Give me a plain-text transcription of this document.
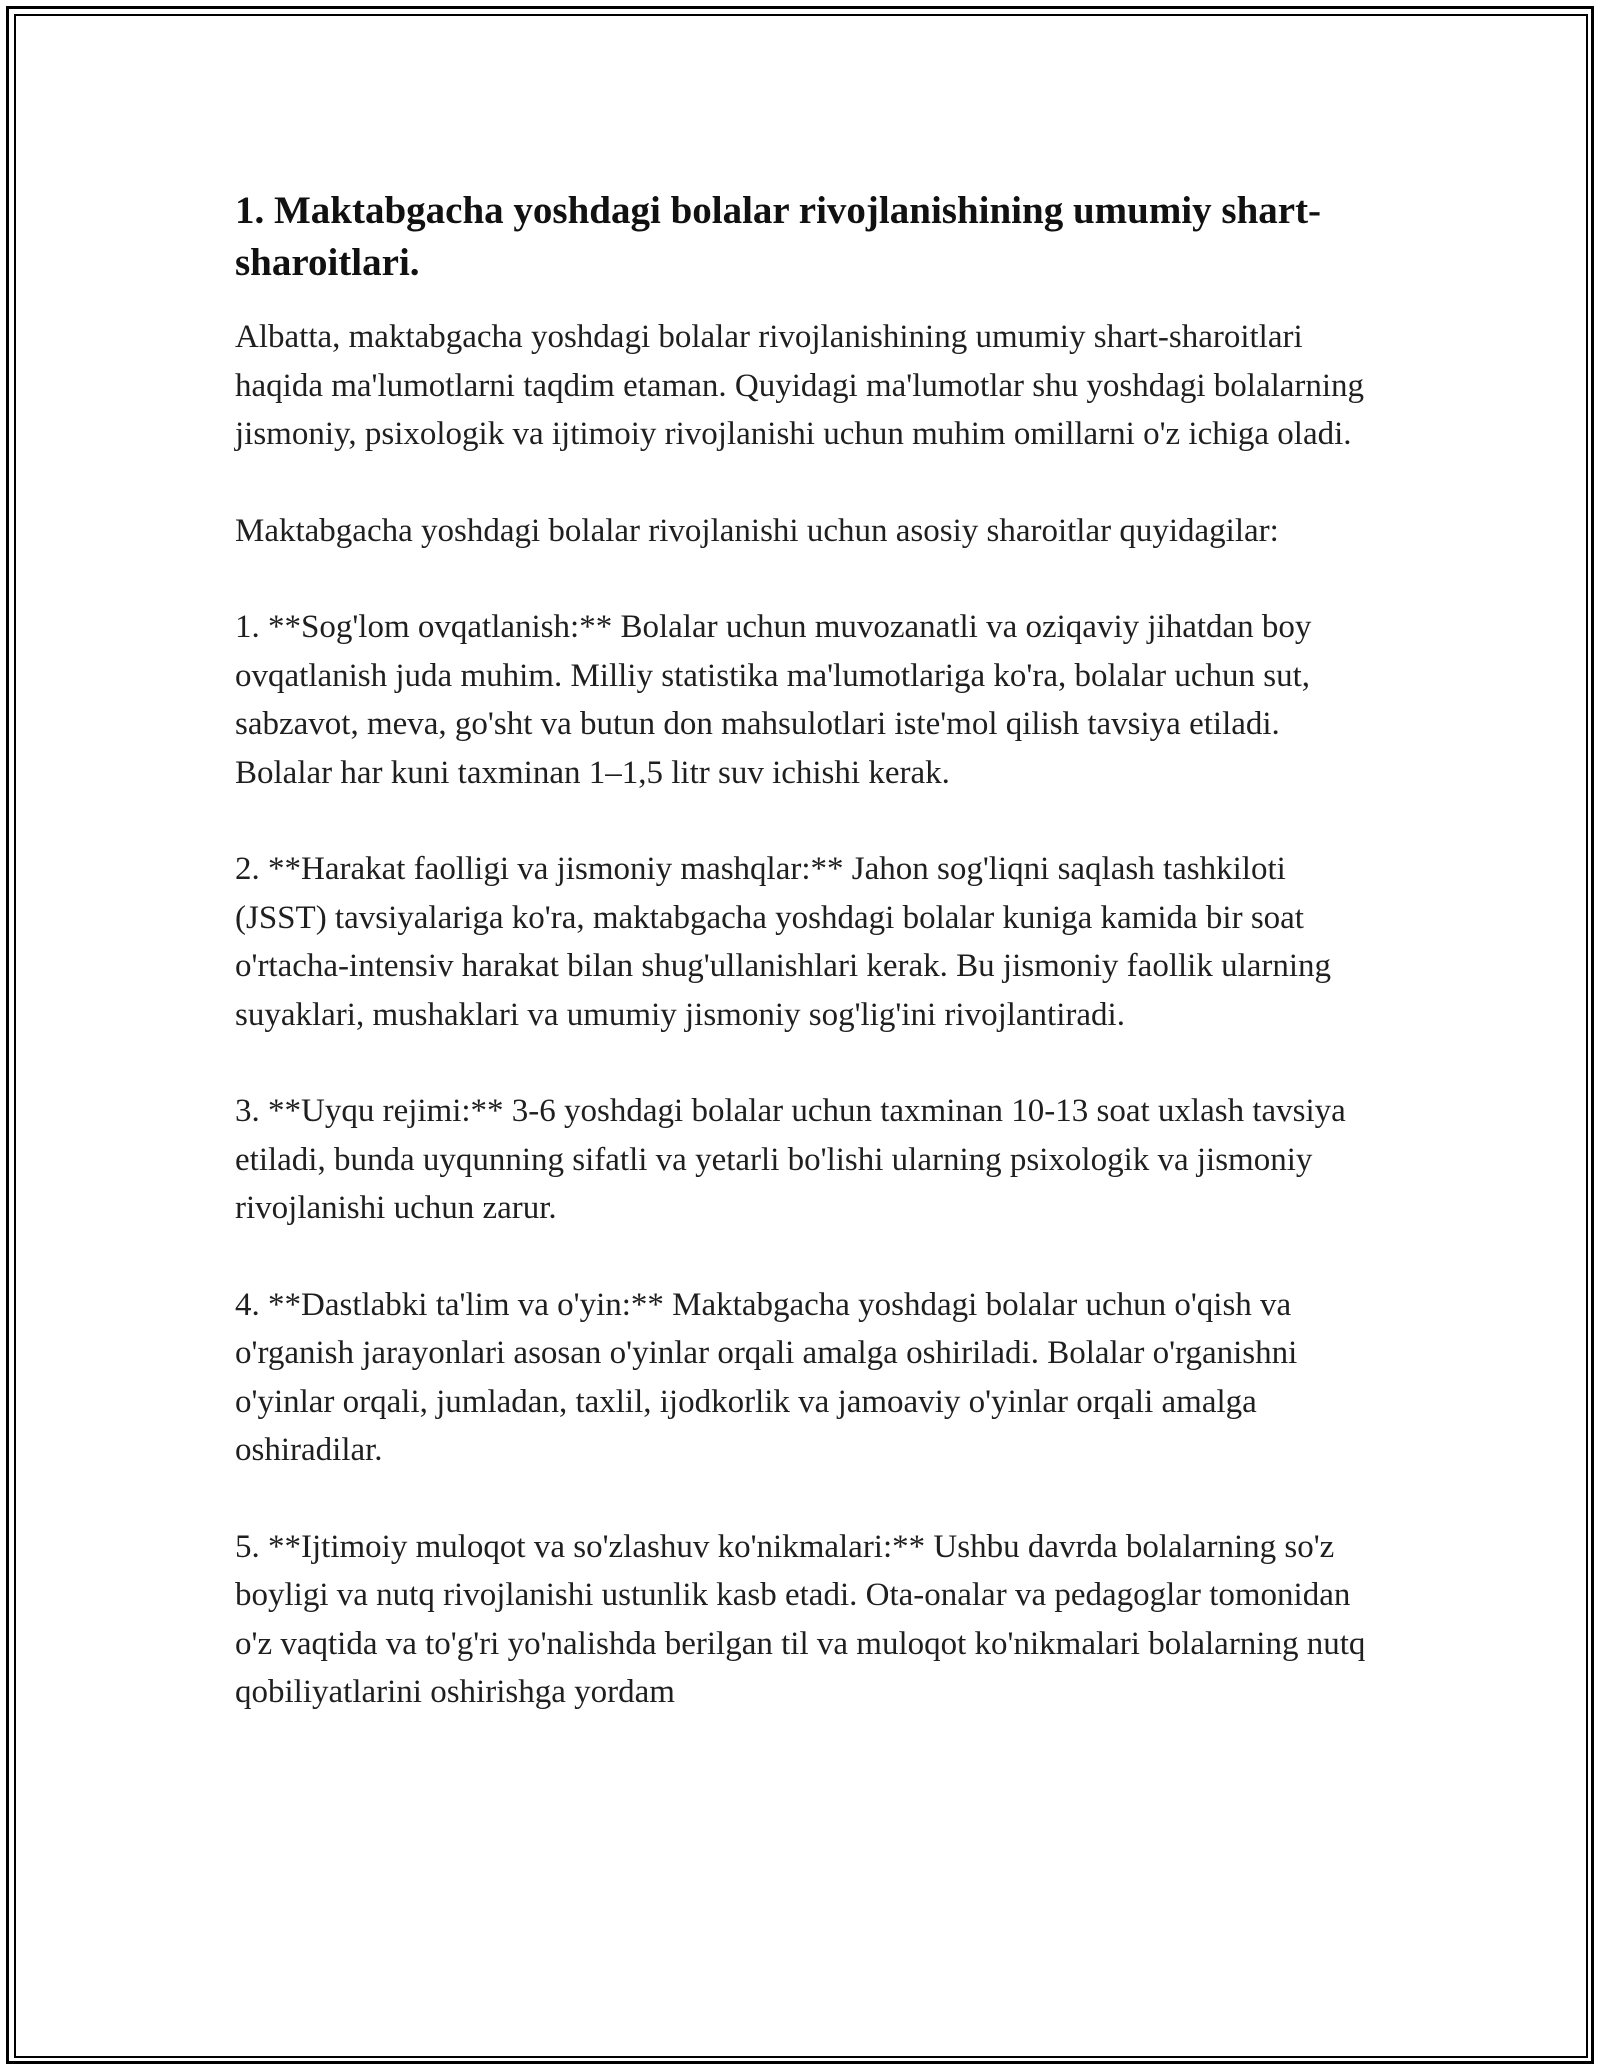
1. Maktabgacha yoshdagi bolalar rivojlanishining umumiy shart-sharoitlari.

Albatta, maktabgacha yoshdagi bolalar rivojlanishining umumiy shart-sharoitlari haqida ma'lumotlarni taqdim etaman. Quyidagi ma'lumotlar shu yoshdagi bolalarning jismoniy, psixologik va ijtimoiy rivojlanishi uchun muhim omillarni o'z ichiga oladi.

Maktabgacha yoshdagi bolalar rivojlanishi uchun asosiy sharoitlar quyidagilar:

1. **Sog'lom ovqatlanish:** Bolalar uchun muvozanatli va oziqaviy jihatdan boy ovqatlanish juda muhim. Milliy statistika ma'lumotlariga ko'ra, bolalar uchun sut, sabzavot, meva, go'sht va butun don mahsulotlari iste'mol qilish tavsiya etiladi. Bolalar har kuni taxminan 1–1,5 litr suv ichishi kerak.

2. **Harakat faolligi va jismoniy mashqlar:** Jahon sog'liqni saqlash tashkiloti (JSST) tavsiyalariga ko'ra, maktabgacha yoshdagi bolalar kuniga kamida bir soat o'rtacha-intensiv harakat bilan shug'ullanishlari kerak. Bu jismoniy faollik ularning suyaklari, mushaklari va umumiy jismoniy sog'lig'ini rivojlantiradi.

3. **Uyqu rejimi:** 3-6 yoshdagi bolalar uchun taxminan 10-13 soat uxlash tavsiya etiladi, bunda uyqunning sifatli va yetarli bo'lishi ularning psixologik va jismoniy rivojlanishi uchun zarur.

4. **Dastlabki ta'lim va o'yin:** Maktabgacha yoshdagi bolalar uchun o'qish va o'rganish jarayonlari asosan o'yinlar orqali amalga oshiriladi. Bolalar o'rganishni o'yinlar orqali, jumladan, taxlil, ijodkorlik va jamoaviy o'yinlar orqali amalga oshiradilar.

5. **Ijtimoiy muloqot va so'zlashuv ko'nikmalari:** Ushbu davrda bolalarning so'z boyligi va nutq rivojlanishi ustunlik kasb etadi. Ota-onalar va pedagoglar tomonidan o'z vaqtida va to'g'ri yo'nalishda berilgan til va muloqot ko'nikmalari bolalarning nutq qobiliyatlarini oshirishga yordam
